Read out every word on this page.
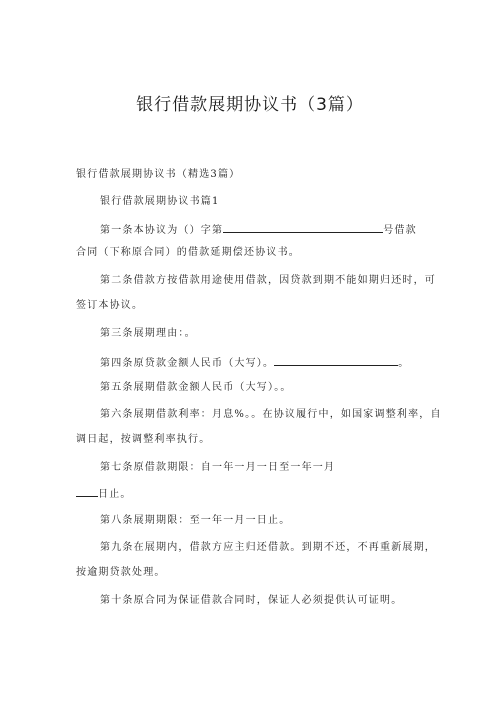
银行借款展期协议书（3篇）
银行借款展期协议书（精选3篇）
银行借款展期协议书篇1
第一条本协议为（）字第	号借款
合同（下称原合同）的借款延期偿还协议书。
第二条借款方按借款用途使用借款，因贷款到期不能如期归还时，可
签订本协议。
第三条展期理由：。
第四条原贷款金额人民币（大写）。	。
第五条展期借款金额人民币（大写）。。
第六条展期借款利率：月息%。。在协议履行中，如国家调整利率，自
调日起，按调整利率执行。
第七条原借款期限：自一年一月一日至一年一月
日止。
第八条展期期限：至一年一月一日止。
第九条在展期内，借款方应主归还借款。到期不还，不再重新展期，
按逾期贷款处理。
第十条原合同为保证借款合同时，保证人必须提供认可证明。
